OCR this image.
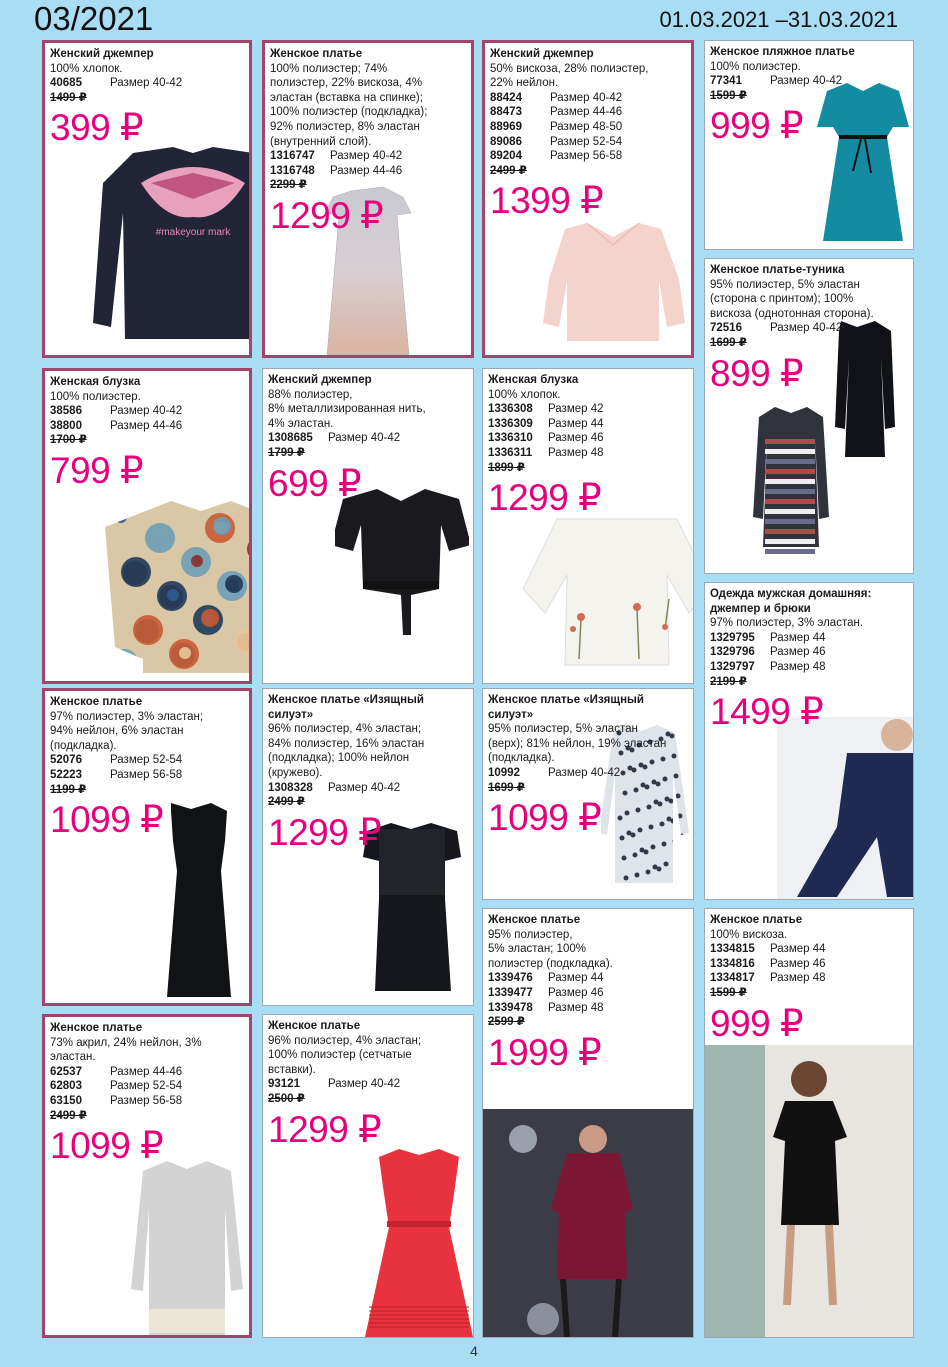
03/2021	01.03.2021 –31.03.2021
#makeyour mark
Женский джемпер
100% хлопок.
40685	Размер 40-42
1499 ₽
399 ₽
Женское платье
100% полиэстер; 74%
полиэстер, 22% вискоза, 4%
эластан (вставка на спинке);
100% полиэстер (подкладка);
92% полиэстер, 8% эластан
(внутренний слой).
1316747	Размер 40-42
1316748	Размер 44-46
2299 ₽
1299 ₽
Женский джемпер
50% вискоза, 28% полиэстер,
22% нейлон.
88424	Размер 40-42
88473	Размер 44-46
88969	Размер 48-50
89086	Размер 52-54
89204	Размер 56-58
2499 ₽
1399 ₽
Женское пляжное платье
100% полиэстер.
77341	Размер 40-42
1599 ₽
999 ₽
Женское платье-туника
95% полиэстер, 5% эластан
(сторона с принтом); 100%
вискоза (однотонная сторона).
72516	Размер 40-42
1699 ₽
899 ₽
Женская блузка
100% полиэстер.
38586	Размер 40-42
38800	Размер 44-46
1700 ₽
799 ₽
Женский джемпер
88% полиэстер,
8% металлизированная нить,
4% эластан.
1308685	Размер 40-42
1799 ₽
699 ₽
Женская блузка
100% хлопок.
1336308	Размер 42
1336309	Размер 44
1336310	Размер 46
1336311	Размер 48
1899 ₽
1299 ₽
Одежда мужская домашняя:
джемпер и брюки
97% полиэстер, 3% эластан.
1329795	Размер 44
1329796	Размер 46
1329797	Размер 48
2199 ₽
1499 ₽
Женское платье
97% полиэстер, 3% эластан;
94% нейлон, 6% эластан
(подкладка).
52076	Размер 52-54
52223	Размер 56-58
1199 ₽
1099 ₽
Женское платье «Изящный силуэт»
96% полиэстер, 4% эластан;
84% полиэстер, 16% эластан
(подкладка); 100% нейлон
(кружево).
1308328	Размер 40-42
2499 ₽
1299 ₽
Женское платье «Изящный силуэт»
95% полиэстер, 5% эластан
(верх); 81% нейлон, 19% эластан
(подкладка).
10992	Размер 40-42
1699 ₽
1099 ₽
Женское платье
95% полиэстер,
5% эластан; 100%
полиэстер (подкладка).
1339476	Размер 44
1339477	Размер 46
1339478	Размер 48
2599 ₽
1999 ₽
Женское платье
100% вискоза.
1334815	Размер 44
1334816	Размер 46
1334817	Размер 48
1599 ₽
999 ₽
Женское платье
73% акрил, 24% нейлон, 3%
эластан.
62537	Размер 44-46
62803	Размер 52-54
63150	Размер 56-58
2499 ₽
1099 ₽
Женское платье
96% полиэстер, 4% эластан;
100% полиэстер (сетчатые
вставки).
93121	Размер 40-42
2500 ₽
1299 ₽
4
